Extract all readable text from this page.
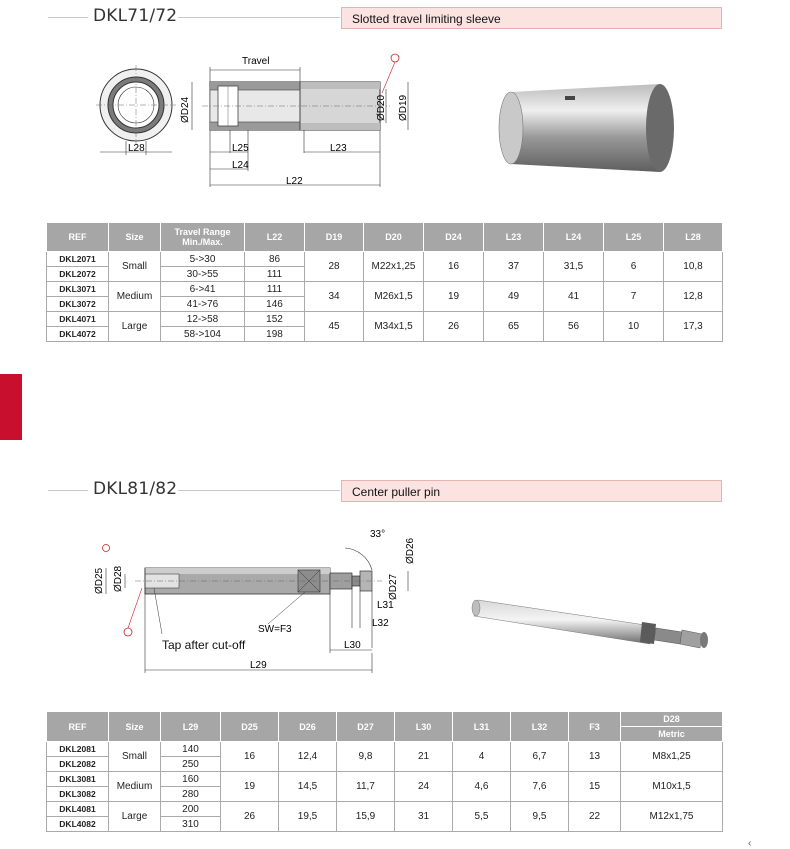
DKL71/72	Slotted travel limiting sleeve
L28
Travel
ØD24	ØD20 ØD19
L25	L23
L24
L22
REF	Size	Travel Range Min./Max.	L22	D19	D20	D24	L23	L24	L25	L28
DKL2071	Small	5->30	86	28	M22x1,25	16	37	31,5	6	10,8
DKL2072		30->55	111							
DKL3071	Medium	6->41	111	34	M26x1,5	19	49	41	7	12,8
DKL3072		41->76	146							
DKL4071	Large	12->58	152	45	M34x1,5	26	65	56	10	17,3
DKL4072		58->104	198							
DKL81/82	Center puller pin
ØD25 ØD28
33°
ØD26
ØD27
L31
L32
L30
SW=F3
Tap after cut-off
L29
REF	Size	L29	D25	D26	D27	L30	L31	L32	F3	D28
										Metric
DKL2081	Small	140	16	12,4	9,8	21	4	6,7	13	M8x1,25
DKL2082		250								
DKL3081	Medium	160	19	14,5	11,7	24	4,6	7,6	15	M10x1,5
DKL3082		280								
DKL4081	Large	200	26	19,5	15,9	31	5,5	9,5	22	M12x1,75
DKL4082		310								
‹
